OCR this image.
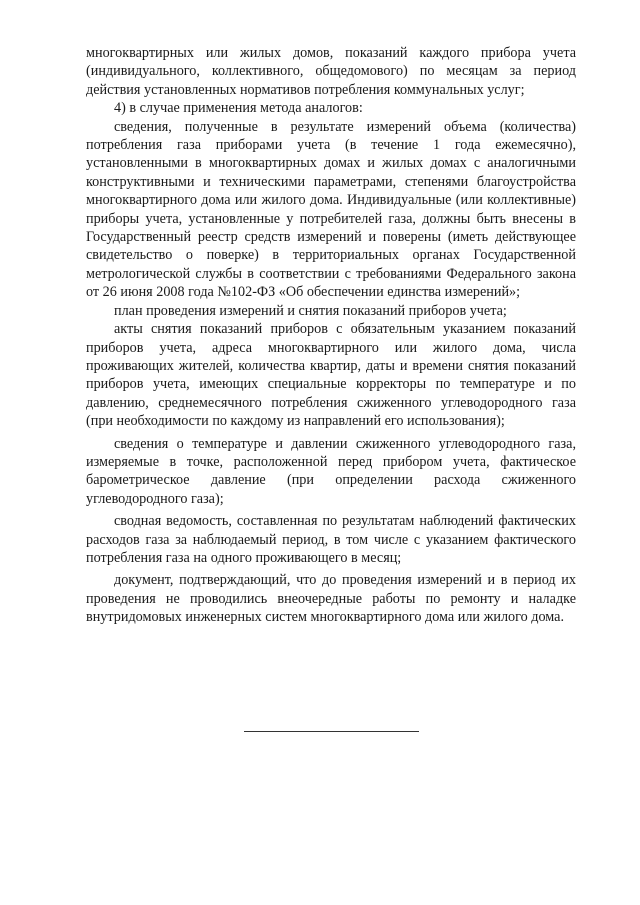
многоквартирных или жилых домов, показаний каждого прибора учета (индивидуального, коллективного, общедомового) по месяцам за период действия установленных нормативов потребления коммунальных услуг;

4) в случае применения метода аналогов:

сведения, полученные в результате измерений объема (количества) потребления газа приборами учета (в течение 1 года ежемесячно), установленными в многоквартирных домах и жилых домах с аналогичными конструктивными и техническими параметрами, степенями благоустройства многоквартирного дома или жилого дома. Индивидуальные (или коллективные) приборы учета, установленные у потребителей газа, должны быть внесены в Государственный реестр средств измерений и поверены (иметь действующее свидетельство о поверке) в территориальных органах Государственной метрологической службы в соответствии с требованиями Федерального закона от 26 июня 2008 года №102-ФЗ «Об обеспечении единства измерений»;

план проведения измерений и снятия показаний приборов учета;

акты снятия показаний приборов с обязательным указанием показаний приборов учета, адреса многоквартирного или жилого дома, числа проживающих жителей, количества квартир, даты и времени снятия показаний приборов учета, имеющих специальные корректоры по температуре и по давлению, среднемесячного потребления сжиженного углеводородного газа (при необходимости по каждому из направлений его использования);

сведения о температуре и давлении сжиженного углеводородного газа, измеряемые в точке, расположенной перед прибором учета, фактическое барометрическое давление (при определении расхода сжиженного углеводородного газа);

сводная ведомость, составленная по результатам наблюдений фактических расходов газа за наблюдаемый период, в том числе с указанием фактического потребления газа на одного проживающего в месяц;

документ, подтверждающий, что до проведения измерений и в период их проведения не проводились внеочередные работы по ремонту и наладке внутридомовых инженерных систем многоквартирного дома или жилого дома.
